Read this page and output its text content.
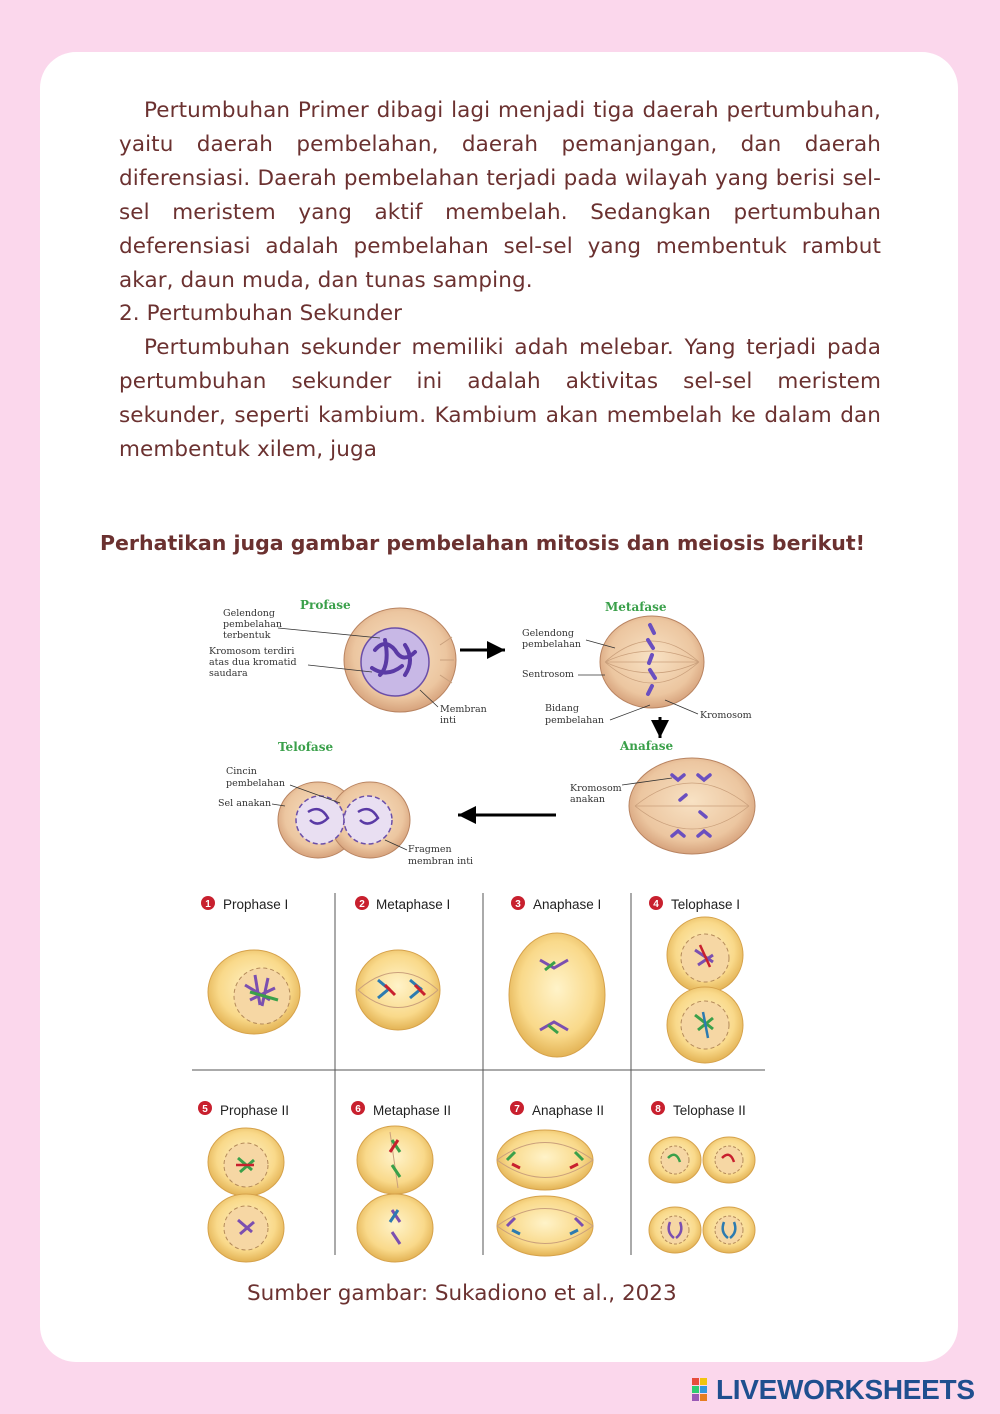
Pertumbuhan Primer dibagi lagi menjadi tiga daerah pertumbuhan, yaitu daerah pembelahan, daerah pemanjangan, dan daerah diferensiasi. Daerah pembelahan terjadi pada wilayah yang berisi sel-sel meristem yang aktif membelah. Sedangkan pertumbuhan deferensiasi adalah pembelahan sel-sel yang membentuk rambut akar, daun muda, dan tunas samping.

2. Pertumbuhan Sekunder

Pertumbuhan sekunder memiliki adah melebar. Yang terjadi pada pertumbuhan sekunder ini adalah aktivitas sel-sel meristem sekunder, seperti kambium. Kambium akan membelah ke dalam dan membentuk xilem, juga

Perhatikan juga gambar pembelahan mitosis dan meiosis berikut!
Profase
Gelendong
pembelahan
terbentuk
Kromosom terdiri
atas dua kromatid
saudara
Membran
inti
Metafase
Gelendong
pembelahan
Sentrosom
Bidang
pembelahan	Kromosom
Anafase
Kromosom
anakan
Telofase
Cincin
pembelahan
Sel anakan
Fragmen
membran inti
1 Prophase I	2 Metaphase I	3 Anaphase I	4 Telophase I
5 Prophase II	6 Metaphase II	7 Anaphase II	8 Telophase II
Sumber gambar: Sukadiono et al., 2023
LIVEWORKSHEETS
